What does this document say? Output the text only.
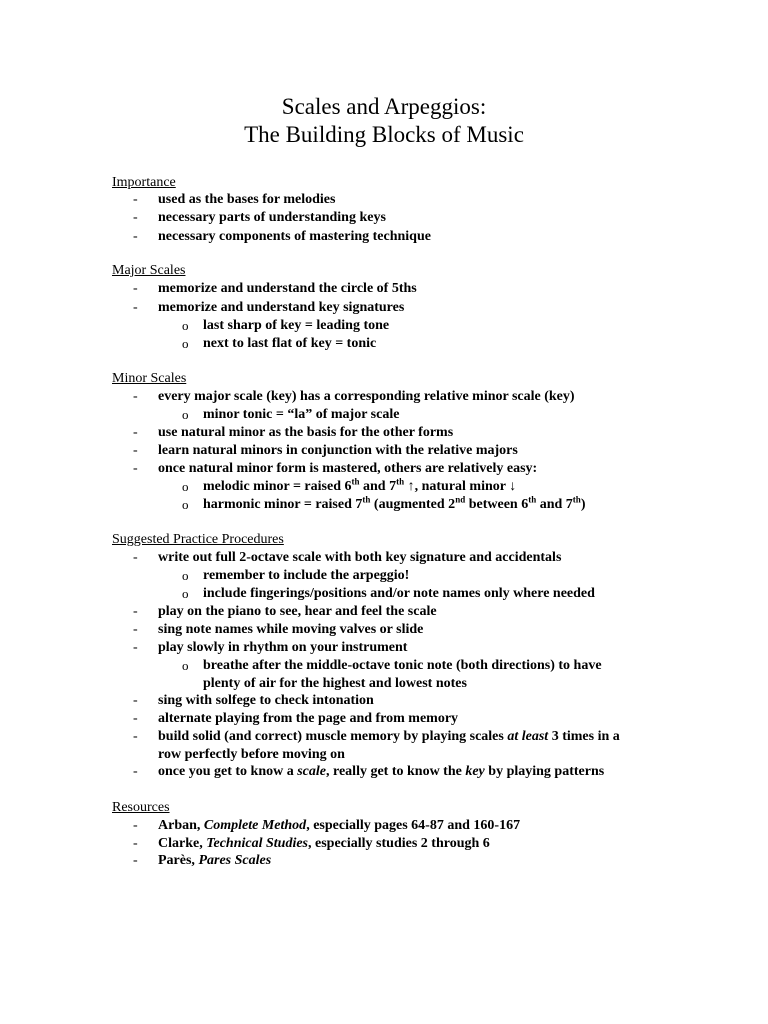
Scales and Arpeggios:
The Building Blocks of Music
Importance
- used as the bases for melodies
- necessary parts of understanding keys
- necessary components of mastering technique
Major Scales
- memorize and understand the circle of 5ths
- memorize and understand key signatures
o last sharp of key = leading tone
o next to last flat of key = tonic
Minor Scales
- every major scale (key) has a corresponding relative minor scale (key)
o minor tonic = “la” of major scale
- use natural minor as the basis for the other forms
- learn natural minors in conjunction with the relative majors
- once natural minor form is mastered, others are relatively easy:
o melodic minor = raised 6th and 7th ↑, natural minor ↓
o harmonic minor = raised 7th (augmented 2nd between 6th and 7th)
Suggested Practice Procedures
- write out full 2-octave scale with both key signature and accidentals
o remember to include the arpeggio!
o include fingerings/positions and/or note names only where needed
- play on the piano to see, hear and feel the scale
- sing note names while moving valves or slide
- play slowly in rhythm on your instrument
o breathe after the middle-octave tonic note (both directions) to have
plenty of air for the highest and lowest notes
- sing with solfege to check intonation
- alternate playing from the page and from memory
- build solid (and correct) muscle memory by playing scales at least 3 times in a
row perfectly before moving on
- once you get to know a scale, really get to know the key by playing patterns
Resources
- Arban, Complete Method, especially pages 64-87 and 160-167
- Clarke, Technical Studies, especially studies 2 through 6
- Parès, Pares Scales
